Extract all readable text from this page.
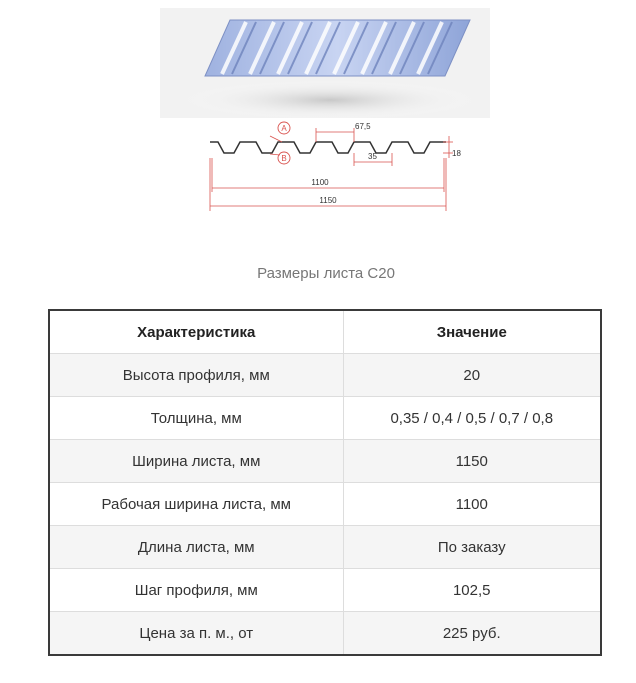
A
B
67,5
35	18
1100
1150
Размеры листа С20
Характеристика	Значение
Высота профиля, мм	20
Толщина, мм	0,35 / 0,4 / 0,5 / 0,7 / 0,8
Ширина листа, мм	1150
Рабочая ширина листа, мм	1100
Длина листа, мм	По заказу
Шаг профиля, мм	102,5
Цена за п. м., от	225 руб.
